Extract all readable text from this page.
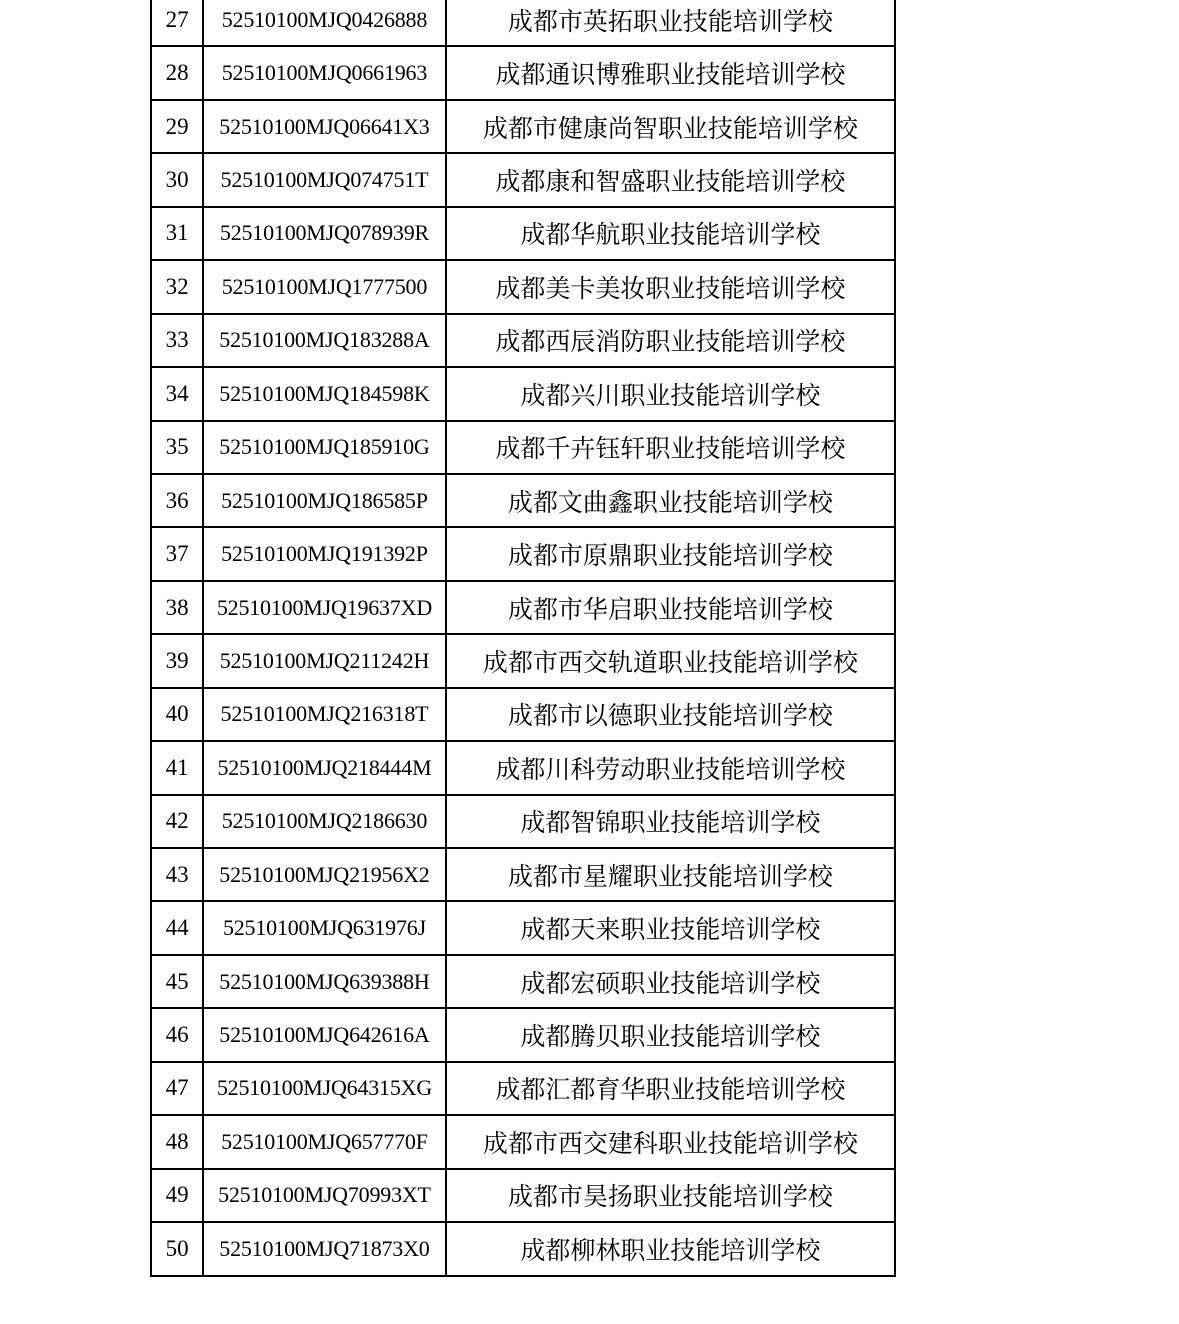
27	52510100MJQ0426888	成都市英拓职业技能培训学校
28	52510100MJQ0661963	成都通识博雅职业技能培训学校
29	52510100MJQ06641X3	成都市健康尚智职业技能培训学校
30	52510100MJQ074751T	成都康和智盛职业技能培训学校
31	52510100MJQ078939R	成都华航职业技能培训学校
32	52510100MJQ1777500	成都美卡美妆职业技能培训学校
33	52510100MJQ183288A	成都西辰消防职业技能培训学校
34	52510100MJQ184598K	成都兴川职业技能培训学校
35	52510100MJQ185910G	成都千卉钰轩职业技能培训学校
36	52510100MJQ186585P	成都文曲鑫职业技能培训学校
37	52510100MJQ191392P	成都市原鼎职业技能培训学校
38	52510100MJQ19637XD	成都市华启职业技能培训学校
39	52510100MJQ211242H	成都市西交轨道职业技能培训学校
40	52510100MJQ216318T	成都市以德职业技能培训学校
41	52510100MJQ218444M	成都川科劳动职业技能培训学校
42	52510100MJQ2186630	成都智锦职业技能培训学校
43	52510100MJQ21956X2	成都市星耀职业技能培训学校
44	52510100MJQ631976J	成都天来职业技能培训学校
45	52510100MJQ639388H	成都宏硕职业技能培训学校
46	52510100MJQ642616A	成都腾贝职业技能培训学校
47	52510100MJQ64315XG	成都汇都育华职业技能培训学校
48	52510100MJQ657770F	成都市西交建科职业技能培训学校
49	52510100MJQ70993XT	成都市昊扬职业技能培训学校
50	52510100MJQ71873X0	成都柳林职业技能培训学校
